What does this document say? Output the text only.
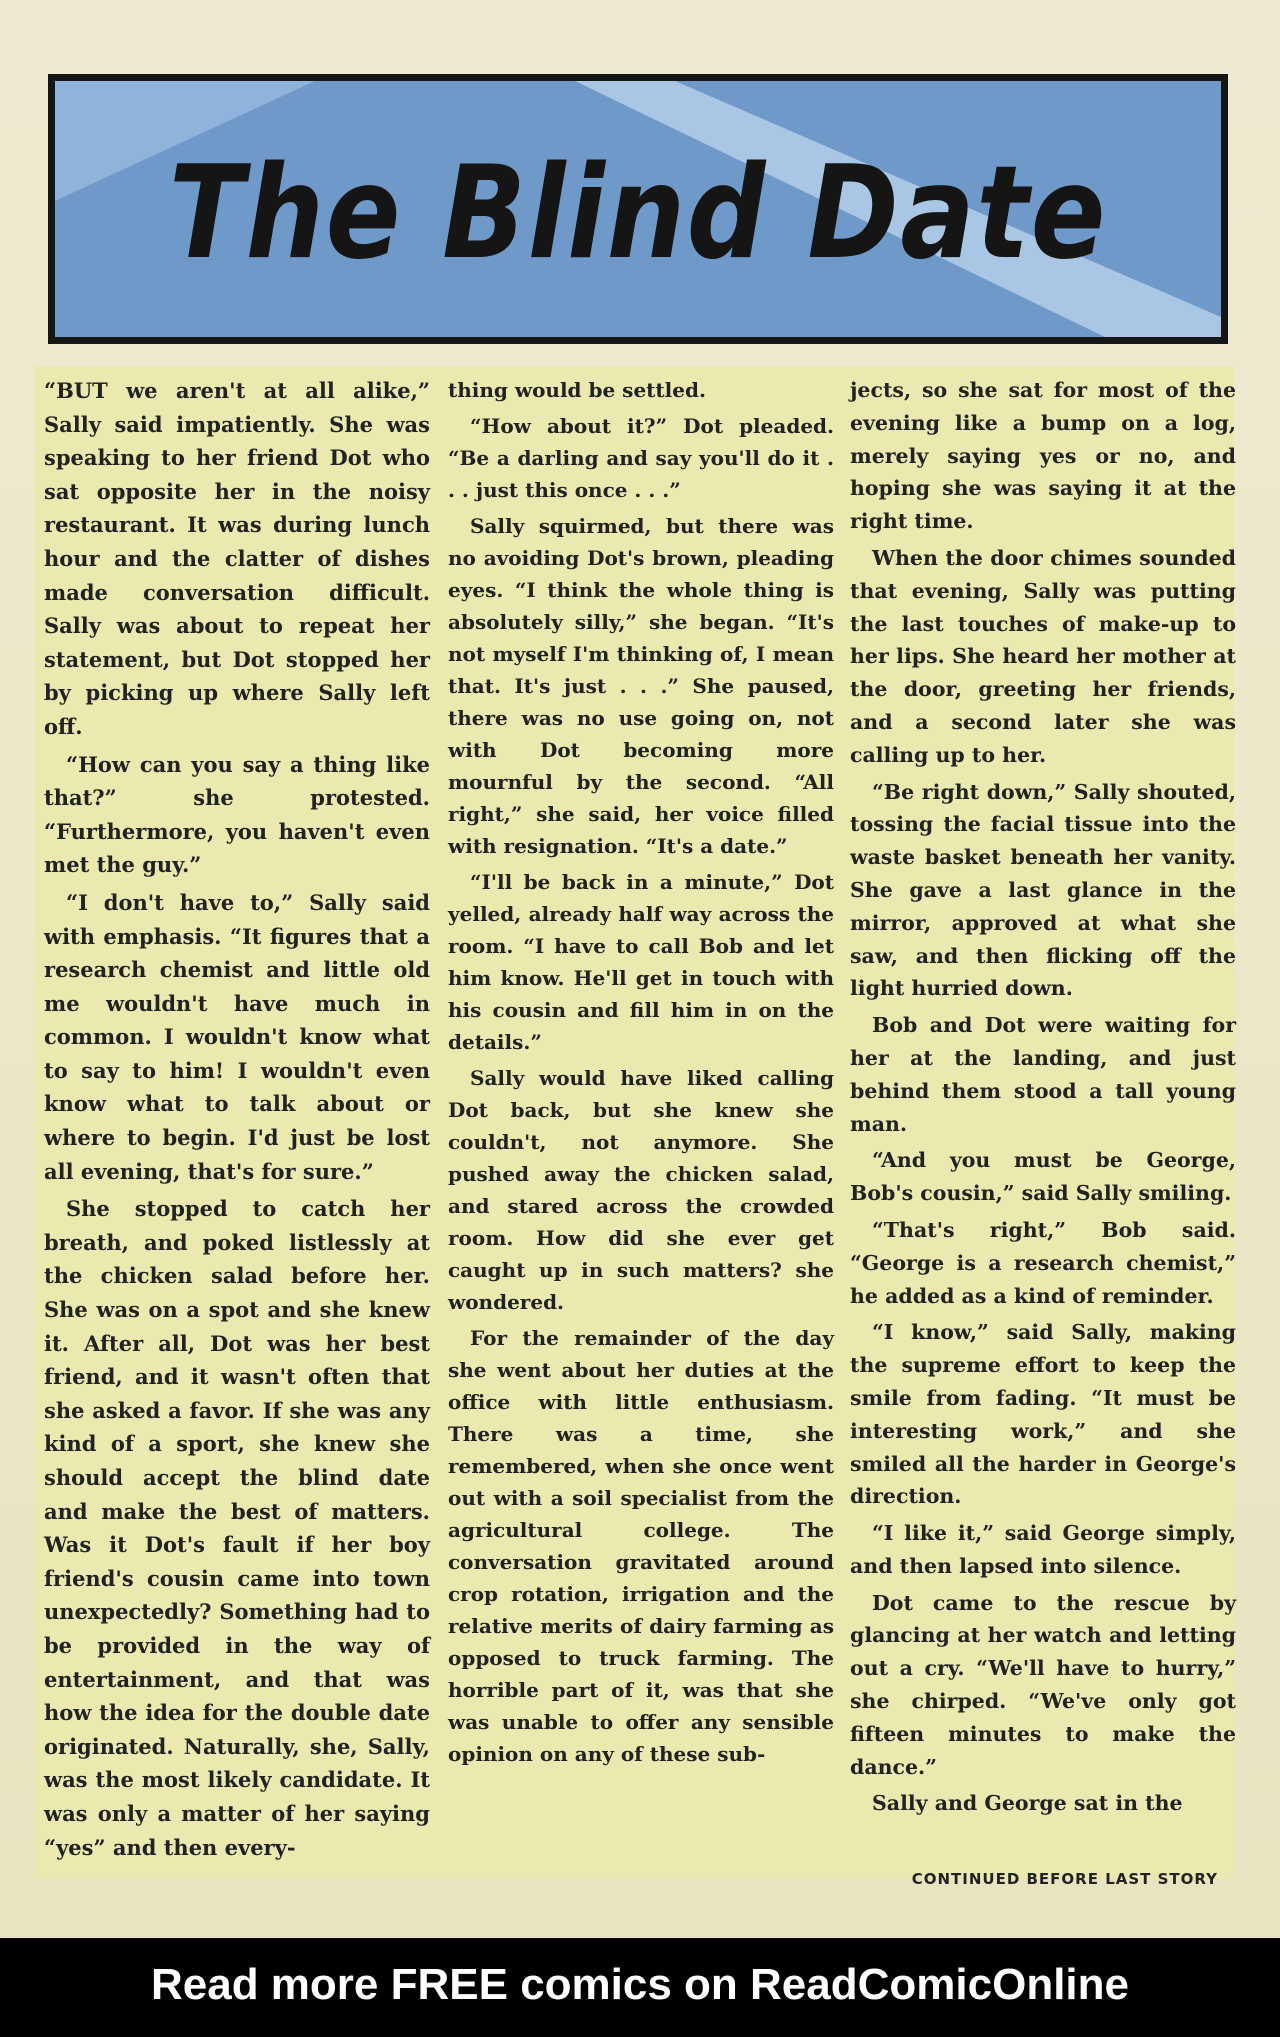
The Blind Date

“BUT we aren't at all alike,” Sally said impatiently. She was speaking to her friend Dot who sat opposite her in the noisy restaurant. It was during lunch hour and the clatter of dishes made conversation difficult. Sally was about to repeat her statement, but Dot stopped her by picking up where Sally left off.

“How can you say a thing like that?” she protested. “Furthermore, you haven't even met the guy.”

“I don't have to,” Sally said with emphasis. “It figures that a research chemist and little old me wouldn't have much in common. I wouldn't know what to say to him! I wouldn't even know what to talk about or where to begin. I'd just be lost all evening, that's for sure.”

She stopped to catch her breath, and poked listlessly at the chicken salad before her. She was on a spot and she knew it. After all, Dot was her best friend, and it wasn't often that she asked a favor. If she was any kind of a sport, she knew she should accept the blind date and make the best of matters. Was it Dot's fault if her boy friend's cousin came into town unexpectedly? Something had to be provided in the way of entertainment, and that was how the idea for the double date originated. Naturally, she, Sally, was the most likely candidate. It was only a matter of her saying “yes” and then every-

thing would be settled.

“How about it?” Dot pleaded. “Be a darling and say you'll do it . . . just this once . . .”

Sally squirmed, but there was no avoiding Dot's brown, pleading eyes. “I think the whole thing is absolutely silly,” she began. “It's not myself I'm thinking of, I mean that. It's just . . .” She paused, there was no use going on, not with Dot becoming more mournful by the second. “All right,” she said, her voice filled with resignation. “It's a date.”

“I'll be back in a minute,” Dot yelled, already half way across the room. “I have to call Bob and let him know. He'll get in touch with his cousin and fill him in on the details.”

Sally would have liked calling Dot back, but she knew she couldn't, not anymore. She pushed away the chicken salad, and stared across the crowded room. How did she ever get caught up in such matters? she wondered.

For the remainder of the day she went about her duties at the office with little enthusiasm. There was a time, she remembered, when she once went out with a soil specialist from the agricultural college. The conversation gravitated around crop rotation, irrigation and the relative merits of dairy farming as opposed to truck farming. The horrible part of it, was that she was unable to offer any sensible opinion on any of these sub-

jects, so she sat for most of the evening like a bump on a log, merely saying yes or no, and hoping she was saying it at the right time.

When the door chimes sounded that evening, Sally was putting the last touches of make-up to her lips. She heard her mother at the door, greeting her friends, and a second later she was calling up to her.

“Be right down,” Sally shouted, tossing the facial tissue into the waste basket beneath her vanity. She gave a last glance in the mirror, approved at what she saw, and then flicking off the light hurried down.

Bob and Dot were waiting for her at the landing, and just behind them stood a tall young man.

“And you must be George, Bob's cousin,” said Sally smiling.

“That's right,” Bob said. “George is a research chemist,” he added as a kind of reminder.

“I know,” said Sally, making the supreme effort to keep the smile from fading. “It must be interesting work,” and she smiled all the harder in George's direction.

“I like it,” said George simply, and then lapsed into silence.

Dot came to the rescue by glancing at her watch and letting out a cry. “We'll have to hurry,” she chirped. “We've only got fifteen minutes to make the dance.”

Sally and George sat in the

CONTINUED BEFORE LAST STORY
Read more FREE comics on ReadComicOnline
